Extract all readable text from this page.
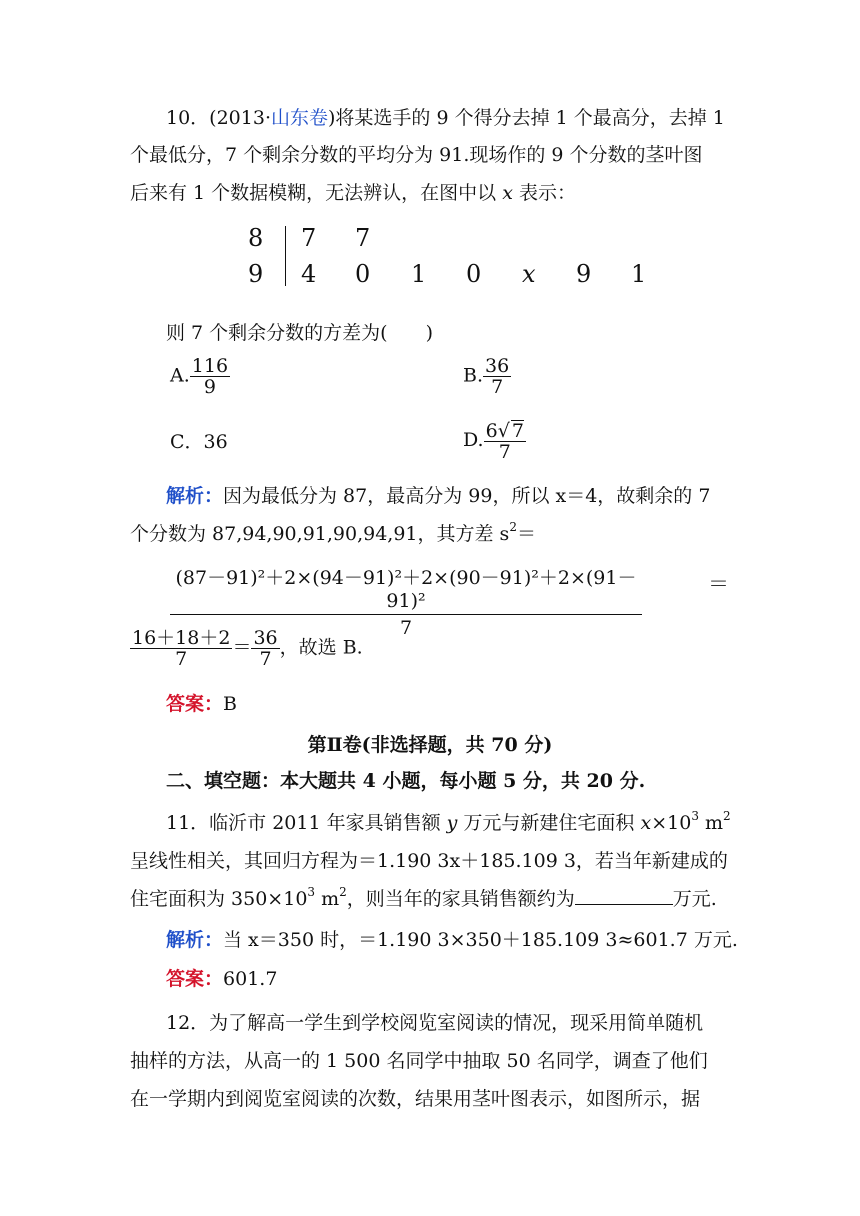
10．(2013·山东卷)将某选手的 9 个得分去掉 1 个最高分，去掉 1
个最低分，7 个剩余分数的平均分为 91.现场作的 9 个分数的茎叶图
后来有 1 个数据模糊，无法辨认，在图中以 x 表示：
8	7 7
9	4 0 1 0 x 9 1
则 7 个剩余分数的方差为(　　)
A. $\frac{116}{9}$	B. $\frac{36}{7}$
C．36	D. $\frac{6√ 7}{7}$
解析：因为最低分为 87，最高分为 99，所以 x＝4，故剩余的 7
个分数为 87,94,90,91,90,94,91，其方差 $s^2=$
$\frac{\text{(87－91)²＋2×(94－91)²＋2×(90－91)²＋2×(91－91)²}}{7}$	＝
$\frac{16+18+2}{7} = \frac{36}{7}$ ，故选 B.
答案：B
第Ⅱ卷(非选择题，共 70 分)
二、填空题：本大题共 4 小题，每小题 5 分，共 20 分.
11．临沂市 2011 年家具销售额 y 万元与新建住宅面积 $x\times 10^3$ $m^2$
呈线性相关，其回归方程为＝1.190 3x＋185.109 3，若当年新建成的
住宅面积为 $350\times 10^3$ $m^2$，则当年的家具销售额约为	万元.
解析：当 x＝350 时，＝1.190 3×350＋185.109 3≈601.7 万元.
答案：601.7
12．为了解高一学生到学校阅览室阅读的情况，现采用简单随机
抽样的方法，从高一的 1 500 名同学中抽取 50 名同学，调查了他们
在一学期内到阅览室阅读的次数，结果用茎叶图表示，如图所示，据
